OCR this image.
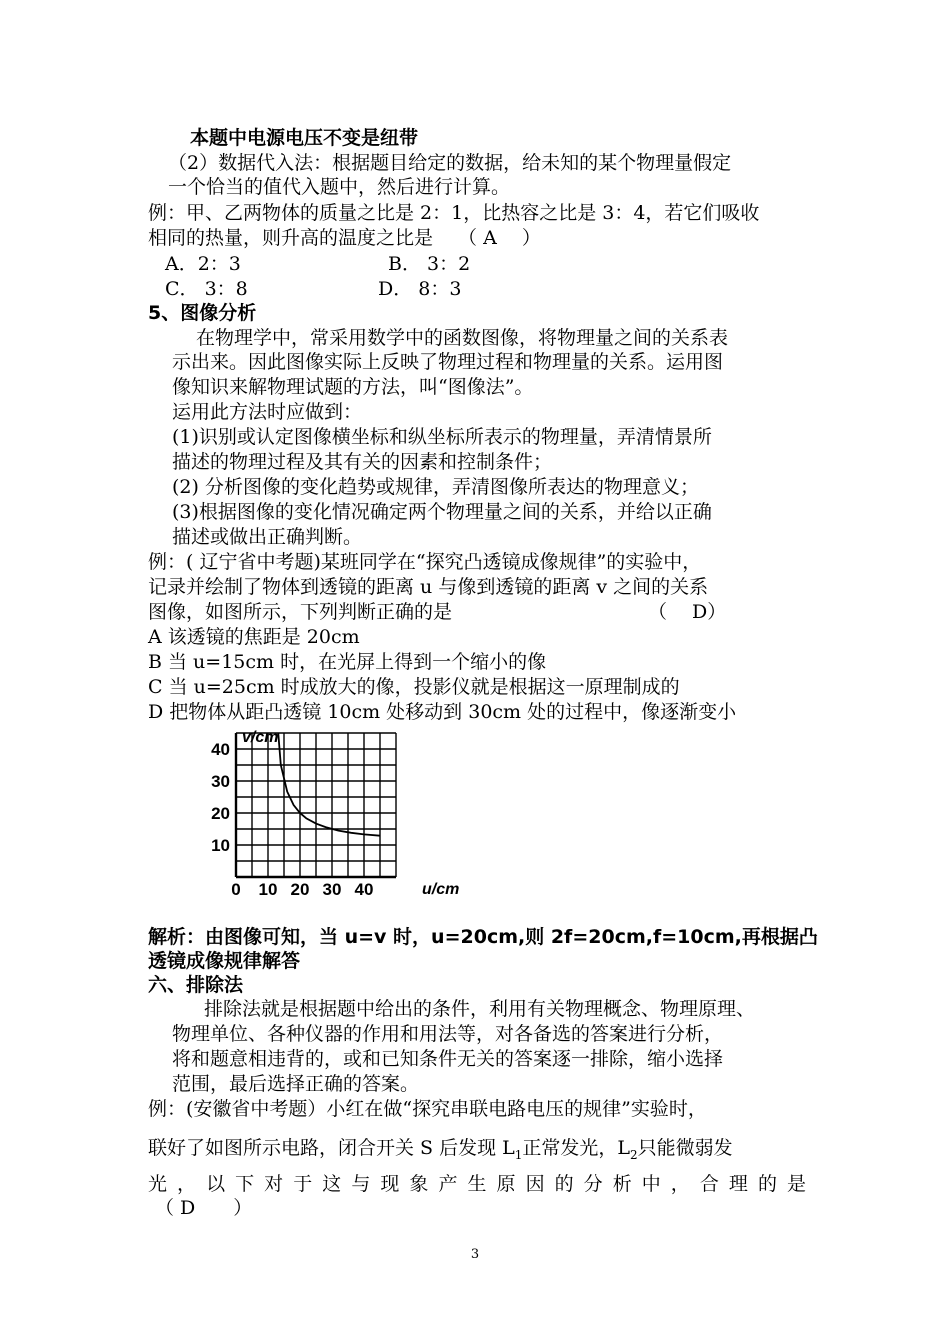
本题中电源电压不变是纽带
（2）数据代入法：根据题目给定的数据，给未知的某个物理量假定
一个恰当的值代入题中，然后进行计算。
例：甲、乙两物体的质量之比是 2：1，比热容之比是 3：4，若它们吸收
相同的热量，则升高的温度之比是　 （ A　 ）
A．2：3	B． 3：2
C． 3：8	D． 8：3
5、图像分析
在物理学中，常采用数学中的函数图像，将物理量之间的关系表
示出来。因此图像实际上反映了物理过程和物理量的关系。运用图
像知识来解物理试题的方法，叫“图像法”。
运用此方法时应做到：
(1)识别或认定图像横坐标和纵坐标所表示的物理量，弄清情景所
描述的物理过程及其有关的因素和控制条件；
(2) 分析图像的变化趋势或规律，弄清图像所表达的物理意义；
(3)根据图像的变化情况确定两个物理量之间的关系，并给以正确
描述或做出正确判断。
例：( 辽宁省中考题)某班同学在“探究凸透镜成像规律”的实验中，
记录并绘制了物体到透镜的距离 u 与像到透镜的距离 v 之间的关系
图像，如图所示，下列判断正确的是	（　 D）
A 该透镜的焦距是 20cm
B 当 u=15cm 时，在光屏上得到一个缩小的像
C 当 u=25cm 时成放大的像，投影仪就是根据这一原理制成的
D 把物体从距凸透镜 10cm 处移动到 30cm 处的过程中，像逐渐变小
0 10 20 30 40
10
20
30
40
v/cm
u/cm
解析：由图像可知，当 u=v 时，u=20cm,则 2f=20cm,f=10cm,再根据凸
透镜成像规律解答
六、排除法
排除法就是根据题中给出的条件，利用有关物理概念、物理原理、
物理单位、各种仪器的作用和用法等，对各备选的答案进行分析，
将和题意相违背的，或和已知条件无关的答案逐一排除，缩小选择
范围，最后选择正确的答案。
例：(安徽省中考题）小红在做“探究串联电路电压的规律”实验时，
联好了如图所示电路，闭合开关 S 后发现 $L_1$正常发光，$L_2$只能微弱发
光，以下对于这与现象产生原因的分析中，合理的是
（ D　　）
3
